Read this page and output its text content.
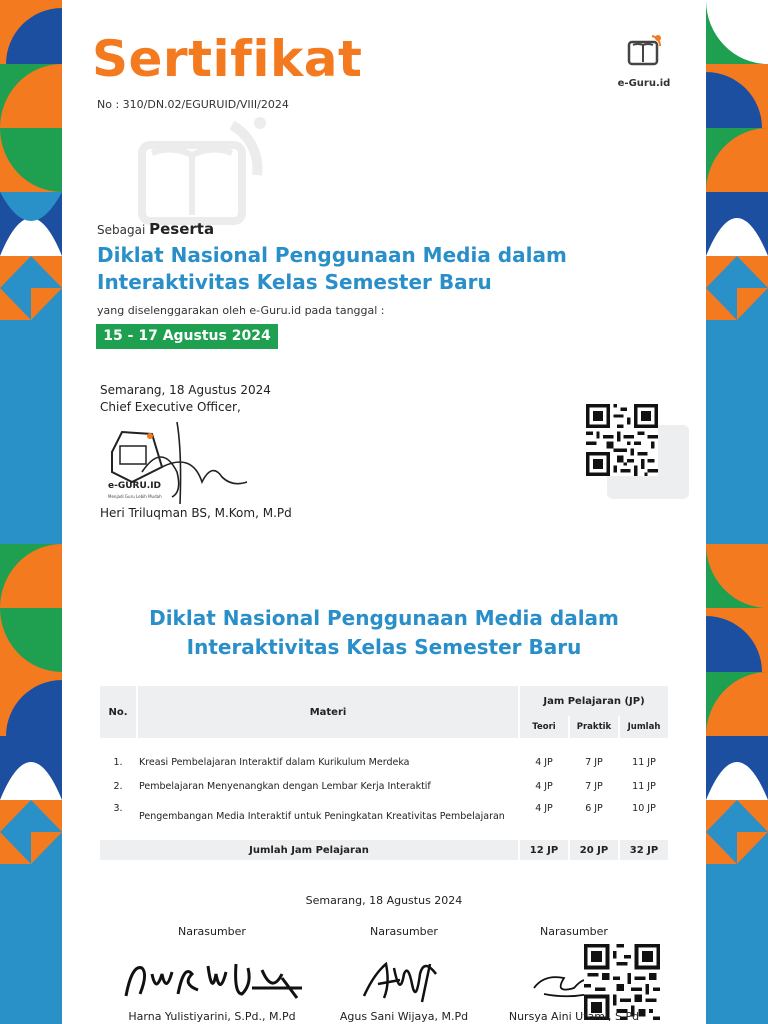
Sertifikat
No : 310/DN.02/EGURUID/VIII/2024
e-Guru.id
Sebagai Peserta
Diklat Nasional Penggunaan Media dalam
Interaktivitas Kelas Semester Baru
yang diselenggarakan oleh e-Guru.id pada tanggal :
15 - 17 Agustus 2024
Semarang, 18 Agustus 2024
Chief Executive Officer,
e-GURU.ID
Menjadi Guru Lebih Mudah
Heri Triluqman BS, M.Kom, M.Pd
Diklat Nasional Penggunaan Media dalam
Interaktivitas Kelas Semester Baru
No.	Materi	Jam Pelajaran (JP)		
		Teori	Praktik	Jumlah

1.	Kreasi Pembelajaran Interaktif dalam Kurikulum Merdeka	4 JP	7 JP	11 JP
2.	Pembelajaran Menyenangkan dengan Lembar Kerja Interaktif	4 JP	7 JP	11 JP
3.	Pengembangan Media Interaktif untuk Peningkatan Kreativitas Pembelajaran	4 JP	6 JP	10 JP

Jumlah Jam Pelajaran		12 JP	20 JP	32 JP
Semarang, 18 Agustus 2024
Narasumber
Harna Yulistiyarini, S.Pd., M.Pd
Narasumber
Agus Sani Wijaya, M.Pd
Narasumber
Nursya Aini Utami, S.Pd
